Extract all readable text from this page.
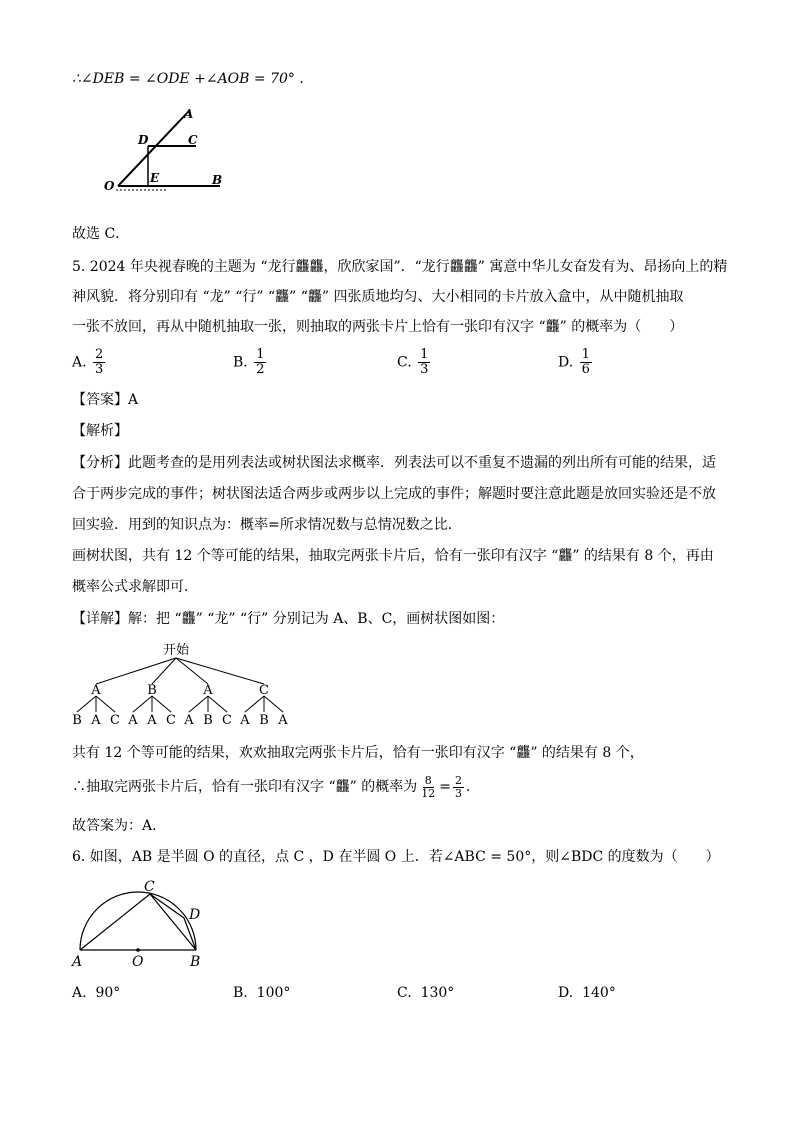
∴∠DEB = ∠ODE +∠AOB = 70° .
A
C
D
O
E	B
故选 C．
5. 2024 年央视春晚的主题为 “龙行龘龘，欣欣家国”．“龙行龘龘” 寓意中华儿女奋发有为、昂扬向上的精
神风貌．将分别印有 “龙” “行” “龘” “龘” 四张质地均匀、大小相同的卡片放入盒中，从中随机抽取
一张不放回，再从中随机抽取一张，则抽取的两张卡片上恰有一张印有汉字 “龘” 的概率为（　　）
A. $\frac{2}{3}$	B. $\frac{1}{2}$	C. $\frac{1}{3}$	D. $\frac{1}{6}$
【答案】A
【解析】
【分析】此题考查的是用列表法或树状图法求概率．列表法可以不重复不遗漏的列出所有可能的结果，适
合于两步完成的事件；树状图法适合两步或两步以上完成的事件；解题时要注意此题是放回实验还是不放
回实验．用到的知识点为：概率=所求情况数与总情况数之比．
画树状图，共有 12 个等可能的结果，抽取完两张卡片后，恰有一张印有汉字 “龘” 的结果有 8 个，再由
概率公式求解即可．
【详解】解：把 “龘” “龙” “行” 分别记为 A、B、C，画树状图如图：
开始
A	B	A	C
B A C A A C A B C A B A
共有 12 个等可能的结果，欢欢抽取完两张卡片后，恰有一张印有汉字 “龘” 的结果有 8 个，
∴抽取完两张卡片后，恰有一张印有汉字 “龘” 的概率为 $\frac{8}{12} = \frac{2}{3}$ ．
故答案为：A．
6. 如图，AB 是半圆 O 的直径，点 C ，D 在半圆 O 上．若∠ABC = 50°，则∠BDC 的度数为（　　）
A	O	B
C
D
A. 90°	B. 100°	C. 130°	D. 140°
